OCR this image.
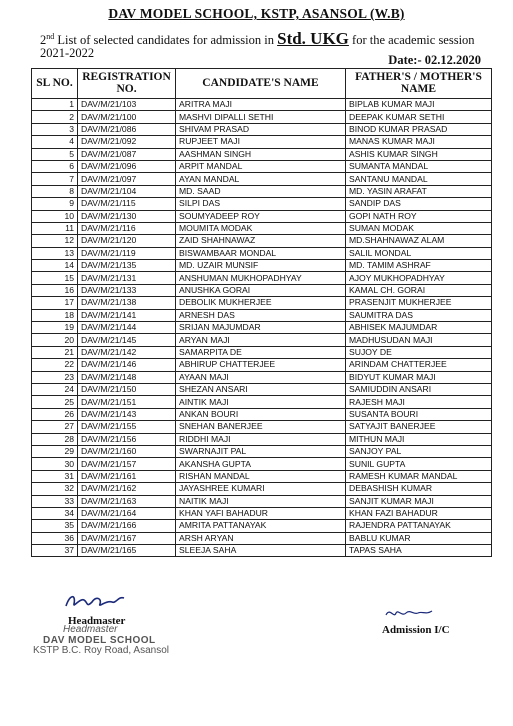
DAV MODEL SCHOOL, KSTP, ASANSOL (W.B)
2nd List of selected candidates for admission in Std. UKG for the academic session 2021-2022	Date:- 02.12.2020
SL NO.	REGISTRATION NO.	CANDIDATE'S NAME	FATHER'S / MOTHER'S NAME
1	DAV/M/21/103	ARITRA MAJI	BIPLAB KUMAR MAJI
2	DAV/M/21/100	MASHVI DIPALLI SETHI	DEEPAK KUMAR SETHI
3	DAV/M/21/086	SHIVAM PRASAD	BINOD KUMAR PRASAD
4	DAV/M/21/092	RUPJEET MAJI	MANAS KUMAR MAJI
5	DAV/M/21/087	AASHMAN SINGH	ASHIS KUMAR SINGH
6	DAV/M/21/096	ARPIT MANDAL	SUMANTA MANDAL
7	DAV/M/21/097	AYAN MANDAL	SANTANU MANDAL
8	DAV/M/21/104	MD. SAAD	MD. YASIN ARAFAT
9	DAV/M/21/115	SILPI DAS	SANDIP DAS
10	DAV/M/21/130	SOUMYADEEP ROY	GOPI NATH ROY
11	DAV/M/21/116	MOUMITA MODAK	SUMAN MODAK
12	DAV/M/21/120	ZAID SHAHNAWAZ	MD.SHAHNAWAZ ALAM
13	DAV/M/21/119	BISWAMBAAR MONDAL	SALIL MONDAL
14	DAV/M/21/135	MD. UZAIR MUNSIF	MD. TAMIM ASHRAF
15	DAV/M/21/131	ANSHUMAN MUKHOPADHYAY	AJOY MUKHOPADHYAY
16	DAV/M/21/133	ANUSHKA GORAI	KAMAL CH. GORAI
17	DAV/M/21/138	DEBOLIK MUKHERJEE	PRASENJIT MUKHERJEE
18	DAV/M/21/141	ARNESH DAS	SAUMITRA DAS
19	DAV/M/21/144	SRIJAN MAJUMDAR	ABHISEK MAJUMDAR
20	DAV/M/21/145	ARYAN MAJI	MADHUSUDAN MAJI
21	DAV/M/21/142	SAMARPITA DE	SUJOY DE
22	DAV/M/21/146	ABHIRUP CHATTERJEE	ARINDAM CHATTERJEE
23	DAV/M/21/148	AYAAN MAJI	BIDYUT KUMAR MAJI
24	DAV/M/21/150	SHEZAN ANSARI	SAMIUDDIN ANSARI
25	DAV/M/21/151	AINTIK MAJI	RAJESH MAJI
26	DAV/M/21/143	ANKAN BOURI	SUSANTA BOURI
27	DAV/M/21/155	SNEHAN BANERJEE	SATYAJIT BANERJEE
28	DAV/M/21/156	RIDDHI MAJI	MITHUN MAJI
29	DAV/M/21/160	SWARNAJIT PAL	SANJOY PAL
30	DAV/M/21/157	AKANSHA GUPTA	SUNIL GUPTA
31	DAV/M/21/161	RISHAN MANDAL	RAMESH KUMAR MANDAL
32	DAV/M/21/162	JAYASHREE KUMARI	DEBASHISH KUMAR
33	DAV/M/21/163	NAITIK MAJI	SANJIT KUMAR MAJI
34	DAV/M/21/164	KHAN YAFI BAHADUR	KHAN FAZI BAHADUR
35	DAV/M/21/166	AMRITA PATTANAYAK	RAJENDRA PATTANAYAK
36	DAV/M/21/167	ARSH ARYAN	BABLU KUMAR
37	DAV/M/21/165	SLEEJA SAHA	TAPAS SAHA
Headmaster
Headmaster
DAV MODEL SCHOOL
KSTP B.C. Roy Road, Asansol
Admission I/C
